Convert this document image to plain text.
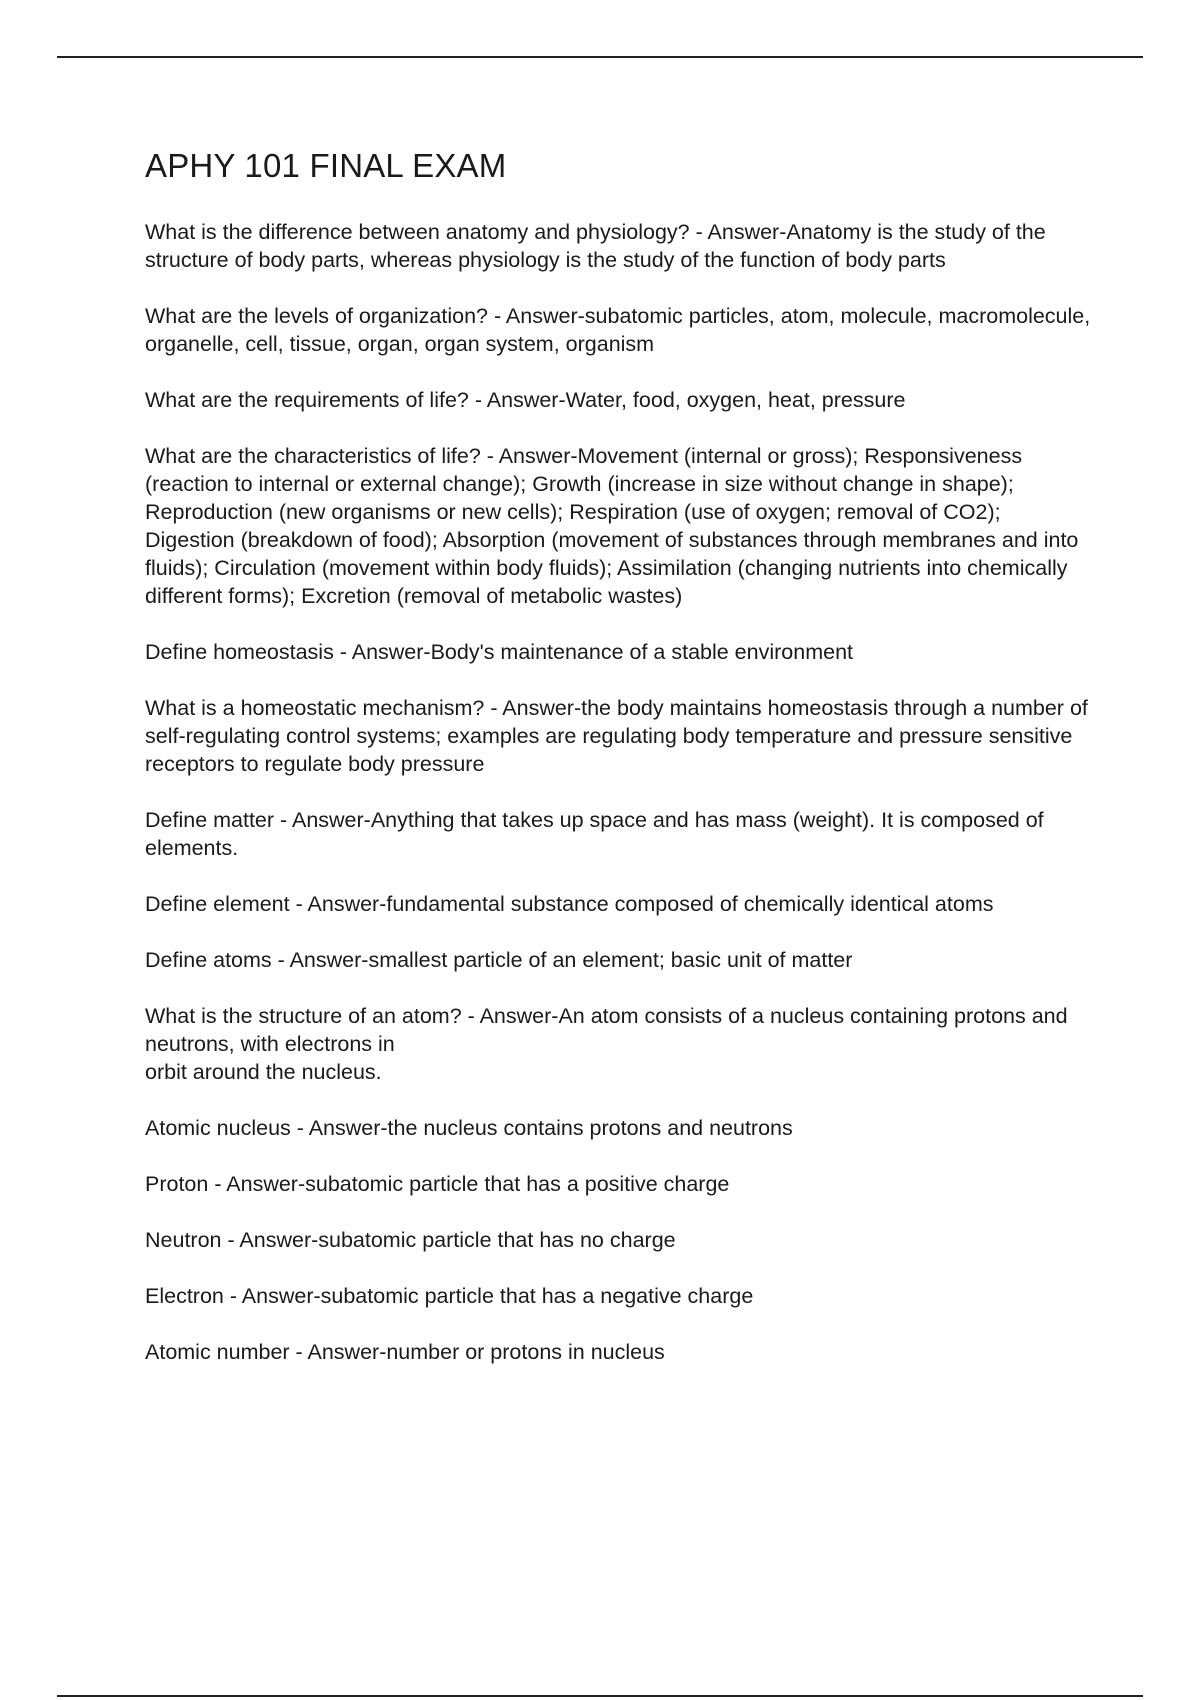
APHY 101 FINAL EXAM

What is the difference between anatomy and physiology? - Answer-Anatomy is the study of the structure of body parts, whereas physiology is the study of the function of body parts

What are the levels of organization? - Answer-subatomic particles, atom, molecule, macromolecule, organelle, cell, tissue, organ, organ system, organism

What are the requirements of life? - Answer-Water, food, oxygen, heat, pressure

What are the characteristics of life? - Answer-Movement (internal or gross); Responsiveness (reaction to internal or external change); Growth (increase in size without change in shape); Reproduction (new organisms or new cells); Respiration (use of oxygen; removal of CO2); Digestion (breakdown of food); Absorption (movement of substances through membranes and into fluids); Circulation (movement within body fluids); Assimilation (changing nutrients into chemically different forms); Excretion (removal of metabolic wastes)

Define homeostasis - Answer-Body's maintenance of a stable environment

What is a homeostatic mechanism? - Answer-the body maintains homeostasis through a number of self-regulating control systems; examples are regulating body temperature and pressure sensitive receptors to regulate body pressure

Define matter - Answer-Anything that takes up space and has mass (weight). It is composed of elements.

Define element - Answer-fundamental substance composed of chemically identical atoms

Define atoms - Answer-smallest particle of an element; basic unit of matter

What is the structure of an atom? - Answer-An atom consists of a nucleus containing protons and neutrons, with electrons in
orbit around the nucleus.

Atomic nucleus - Answer-the nucleus contains protons and neutrons

Proton - Answer-subatomic particle that has a positive charge

Neutron - Answer-subatomic particle that has no charge

Electron - Answer-subatomic particle that has a negative charge

Atomic number - Answer-number or protons in nucleus
